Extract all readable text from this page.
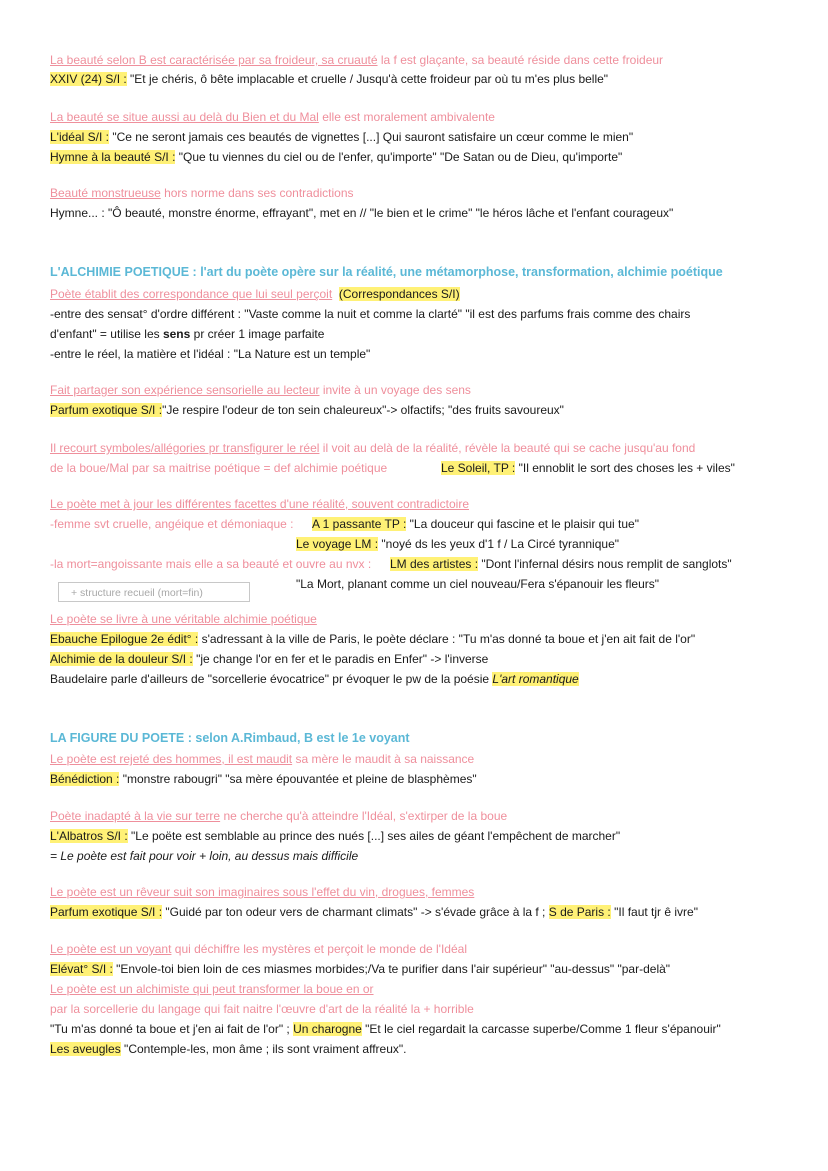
La beauté selon B est caractérisée par sa froideur, sa cruauté la f est glaçante, sa beauté réside dans cette froideur
XXIV (24) S/I : "Et je chéris, ô bête implacable et cruelle / Jusqu'à cette froideur par où tu m'es plus belle"
La beauté se situe aussi au delà du Bien et du Mal elle est moralement ambivalente
L'idéal S/I : "Ce ne seront jamais ces beautés de vignettes [...] Qui sauront satisfaire un cœur comme le mien"
Hymne à la beauté S/I : "Que tu viennes du ciel ou de l'enfer, qu'importe" "De Satan ou de Dieu, qu'importe"
Beauté monstrueuse hors norme dans ses contradictions
Hymne... : "Ô beauté, monstre énorme, effrayant", met en // "le bien et le crime" "le héros lâche et l'enfant courageux"
L'ALCHIMIE POETIQUE : l'art du poète opère sur la réalité, une métamorphose, transformation, alchimie poétique
Poète établit des correspondance que lui seul perçoit (Correspondances S/I)
-entre des sensat° d'ordre différent : "Vaste comme la nuit et comme la clarté" "il est des parfums frais comme des chairs
d'enfant" = utilise les sens pr créer 1 image parfaite
-entre le réel, la matière et l'idéal : "La Nature est un temple"
Fait partager son expérience sensorielle au lecteur invite à un voyage des sens
Parfum exotique S/I :"Je respire l'odeur de ton sein chaleureux"-> olfactifs; "des fruits savoureux"
Il recourt symboles/allégories pr transfigurer le réel il voit au delà de la réalité, révèle la beauté qui se cache jusqu'au fond
de la boue/Mal par sa maitrise poétique = def alchimie poétique	Le Soleil, TP : "Il ennoblit le sort des choses les + viles"
Le poète met à jour les différentes facettes d'une réalité, souvent contradictoire
-femme svt cruelle, angéique et démoniaque : A 1 passante TP : "La douceur qui fascine et le plaisir qui tue"
Le voyage LM : "noyé ds les yeux d'1 f / La Circé tyrannique"
-la mort=angoissante mais elle a sa beauté et ouvre au nvx : LM des artistes : "Dont l'infernal désirs nous remplit de sanglots"
+ structure recueil (mort=fin)
"La Mort, planant comme un ciel nouveau/Fera s'épanouir les fleurs"
Le poète se livre à une véritable alchimie poétique
Ebauche Epilogue 2e édit° : s'adressant à la ville de Paris, le poète déclare : "Tu m'as donné ta boue et j'en ait fait de l'or"
Alchimie de la douleur S/I : "je change l'or en fer et le paradis en Enfer" -> l'inverse
Baudelaire parle d'ailleurs de "sorcellerie évocatrice" pr évoquer le pw de la poésie L'art romantique
LA FIGURE DU POETE : selon A.Rimbaud, B est le 1e voyant
Le poète est rejeté des hommes, il est maudit sa mère le maudit à sa naissance
Bénédiction : "monstre rabougri" "sa mère épouvantée et pleine de blasphèmes"
Poète inadapté à la vie sur terre ne cherche qu'à atteindre l'Idéal, s'extirper de la boue
L'Albatros S/I : "Le poëte est semblable au prince des nués [...] ses ailes de géant l'empêchent de marcher"
= Le poète est fait pour voir + loin, au dessus mais difficile
Le poète est un rêveur suit son imaginaires sous l'effet du vin, drogues, femmes
Parfum exotique S/I : "Guidé par ton odeur vers de charmant climats" -> s'évade grâce à la f ; S de Paris : "Il faut tjr ê ivre"
Le poète est un voyant qui déchiffre les mystères et perçoit le monde de l'Idéal
Elévat° S/I : "Envole-toi bien loin de ces miasmes morbides;/Va te purifier dans l'air supérieur" "au-dessus" "par-delà"
Le poète est un alchimiste qui peut transformer la boue en or
par la sorcellerie du langage qui fait naitre l'œuvre d'art de la réalité la + horrible
"Tu m'as donné ta boue et j'en ai fait de l'or" ; Un charogne "Et le ciel regardait la carcasse superbe/Comme 1 fleur s'épanouir"
Les aveugles "Contemple-les, mon âme ; ils sont vraiment affreux".
